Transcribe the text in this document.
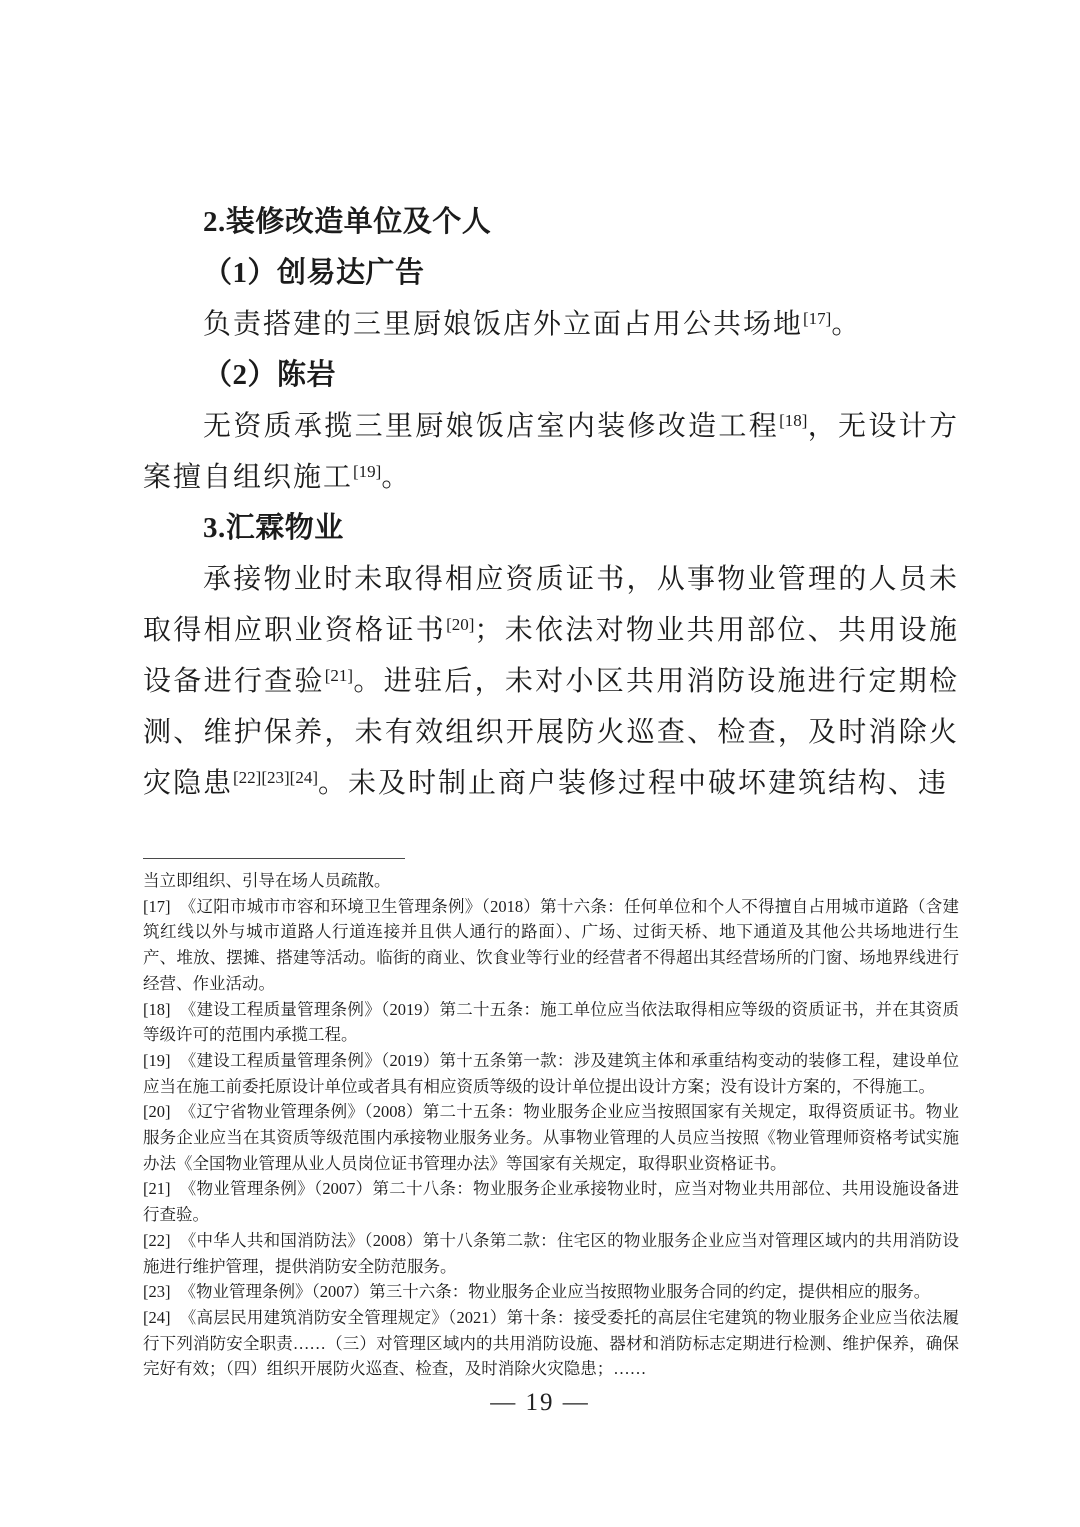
2.装修改造单位及个人
（1）创易达广告

负责搭建的三里厨娘饭店外立面占用公共场地[17]。

（2）陈岩

无资质承揽三里厨娘饭店室内装修改造工程[18]，无设计方案擅自组织施工[19]。

3.汇霖物业

承接物业时未取得相应资质证书，从事物业管理的人员未取得相应职业资格证书[20]；未依法对物业共用部位、共用设施设备进行查验[21]。进驻后，未对小区共用消防设施进行定期检测、维护保养，未有效组织开展防火巡查、检查，及时消除火灾隐患[22][23][24]。未及时制止商户装修过程中破坏建筑结构、违

当立即组织、引导在场人员疏散。

[17] 《辽阳市城市市容和环境卫生管理条例》（2018）第十六条：任何单位和个人不得擅自占用城市道路（含建筑红线以外与城市道路人行道连接并且供人通行的路面）、广场、过街天桥、地下通道及其他公共场地进行生产、堆放、摆摊、搭建等活动。临街的商业、饮食业等行业的经营者不得超出其经营场所的门窗、场地界线进行经营、作业活动。

[18] 《建设工程质量管理条例》（2019）第二十五条：施工单位应当依法取得相应等级的资质证书，并在其资质等级许可的范围内承揽工程。

[19] 《建设工程质量管理条例》（2019）第十五条第一款：涉及建筑主体和承重结构变动的装修工程，建设单位应当在施工前委托原设计单位或者具有相应资质等级的设计单位提出设计方案；没有设计方案的，不得施工。

[20] 《辽宁省物业管理条例》（2008）第二十五条：物业服务企业应当按照国家有关规定，取得资质证书。物业服务企业应当在其资质等级范围内承接物业服务业务。从事物业管理的人员应当按照《物业管理师资格考试实施办法《全国物业管理从业人员岗位证书管理办法》等国家有关规定，取得职业资格证书。

[21] 《物业管理条例》（2007）第二十八条：物业服务企业承接物业时，应当对物业共用部位、共用设施设备进行查验。

[22] 《中华人共和国消防法》（2008）第十八条第二款：住宅区的物业服务企业应当对管理区域内的共用消防设施进行维护管理，提供消防安全防范服务。

[23] 《物业管理条例》（2007）第三十六条：物业服务企业应当按照物业服务合同的约定，提供相应的服务。

[24] 《高层民用建筑消防安全管理规定》（2021）第十条：接受委托的高层住宅建筑的物业服务企业应当依法履行下列消防安全职责……（三）对管理区域内的共用消防设施、器材和消防标志定期进行检测、维护保养，确保完好有效；（四）组织开展防火巡查、检查，及时消除火灾隐患；……

— 19 —
